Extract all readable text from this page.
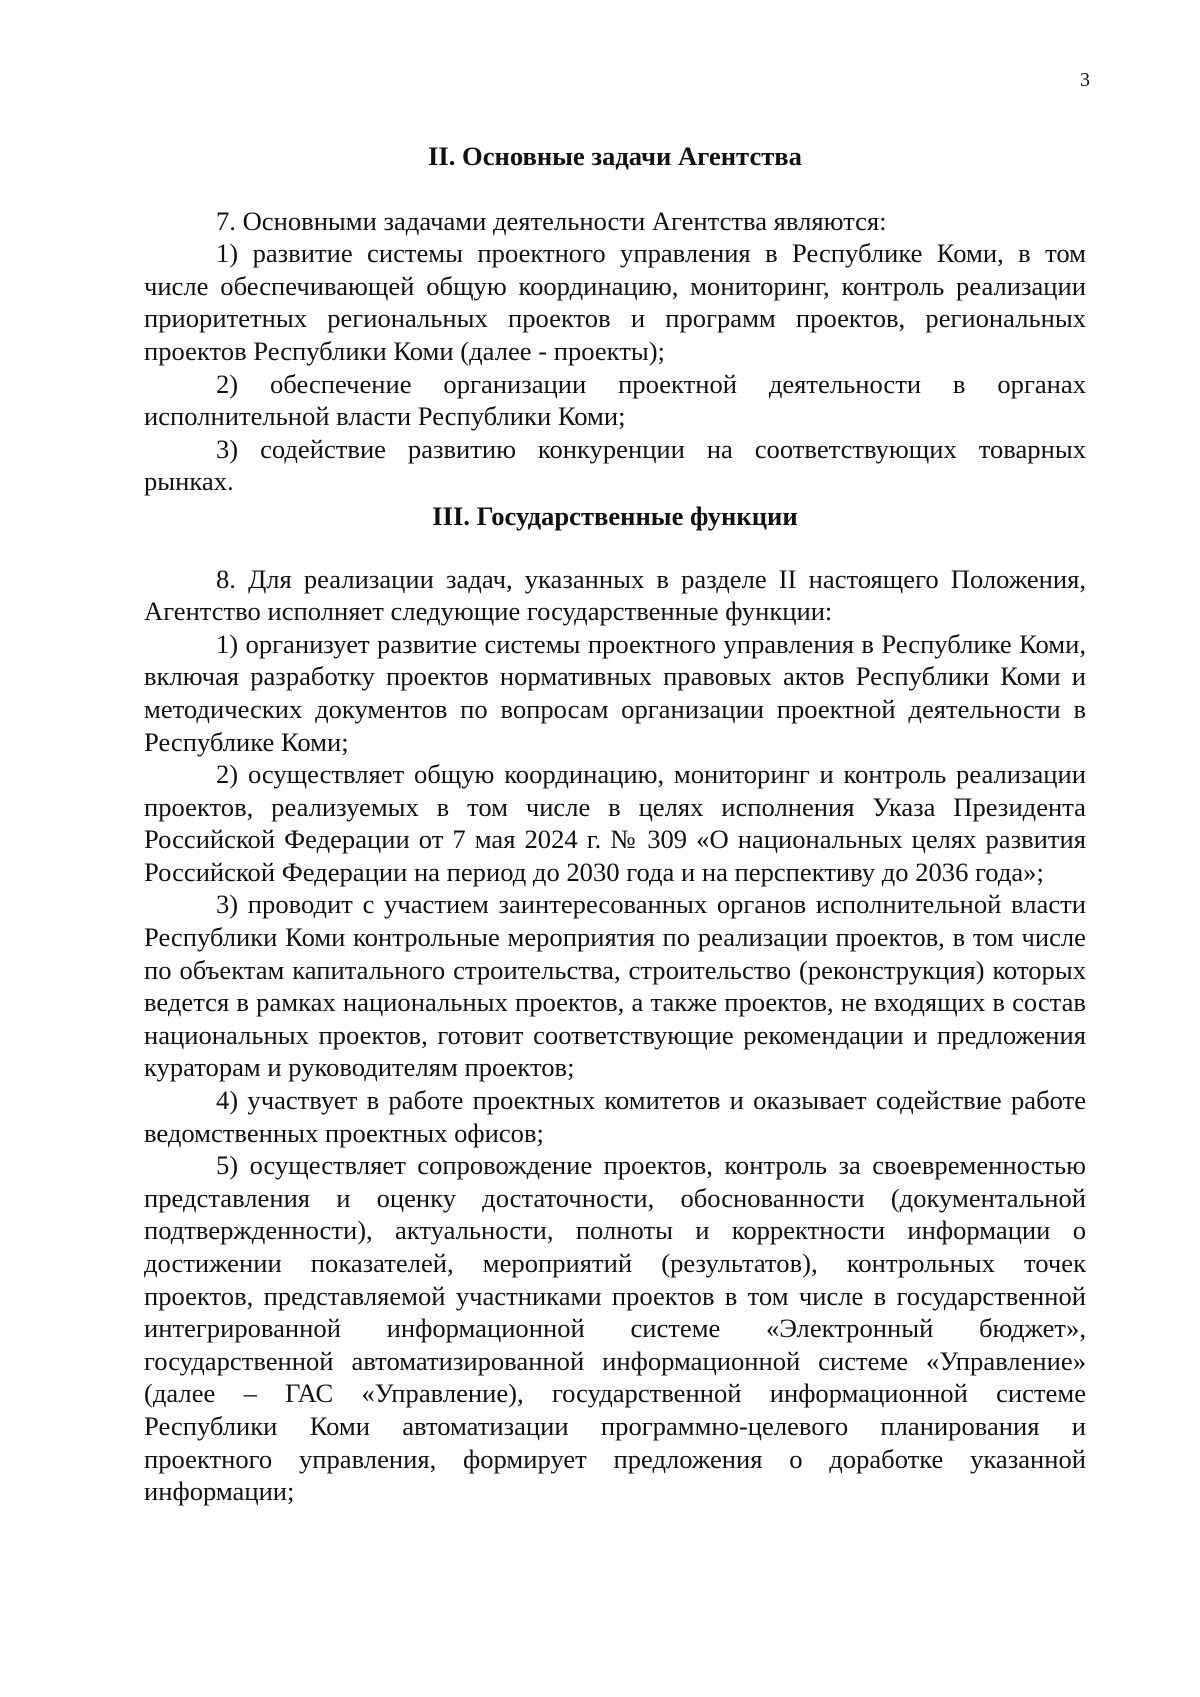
3
II. Основные задачи Агентства

7. Основными задачами деятельности Агентства являются:

1) развитие системы проектного управления в Республике Коми, в том числе обеспечивающей общую координацию, мониторинг, контроль реализации приоритетных региональных проектов и программ проектов, региональных проектов Республики Коми (далее - проекты);

2) обеспечение организации проектной деятельности в органах исполнительной власти Республики Коми;

3) содействие развитию конкуренции на соответствующих товарных рынках.

III. Государственные функции

8. Для реализации задач, указанных в разделе II настоящего Положения, Агентство исполняет следующие государственные функции:

1) организует развитие системы проектного управления в Республике Коми, включая разработку проектов нормативных правовых актов Республики Коми и методических документов по вопросам организации проектной деятельности в Республике Коми;

2) осуществляет общую координацию, мониторинг и контроль реализации проектов, реализуемых в том числе в целях исполнения Указа Президента Российской Федерации от 7 мая 2024 г. № 309 «О национальных целях развития Российской Федерации на период до 2030 года и на перспективу до 2036 года»;

3) проводит с участием заинтересованных органов исполнительной власти Республики Коми контрольные мероприятия по реализации проектов, в том числе по объектам капитального строительства, строительство (реконструкция) которых ведется в рамках национальных проектов, а также проектов, не входящих в состав национальных проектов, готовит соответствующие рекомендации и предложения кураторам и руководителям проектов;

4) участвует в работе проектных комитетов и оказывает содействие работе ведомственных проектных офисов;

5) осуществляет сопровождение проектов, контроль за своевременностью представления и оценку достаточности, обоснованности (документальной подтвержденности), актуальности, полноты и корректности информации о достижении показателей, мероприятий (результатов), контрольных точек проектов, представляемой участниками проектов в том числе в государственной интегрированной информационной системе «Электронный бюджет», государственной автоматизированной информационной системе «Управление» (далее – ГАС «Управление), государственной информационной системе Республики Коми автоматизации программно-целевого планирования и проектного управления, формирует предложения о доработке указанной информации;
